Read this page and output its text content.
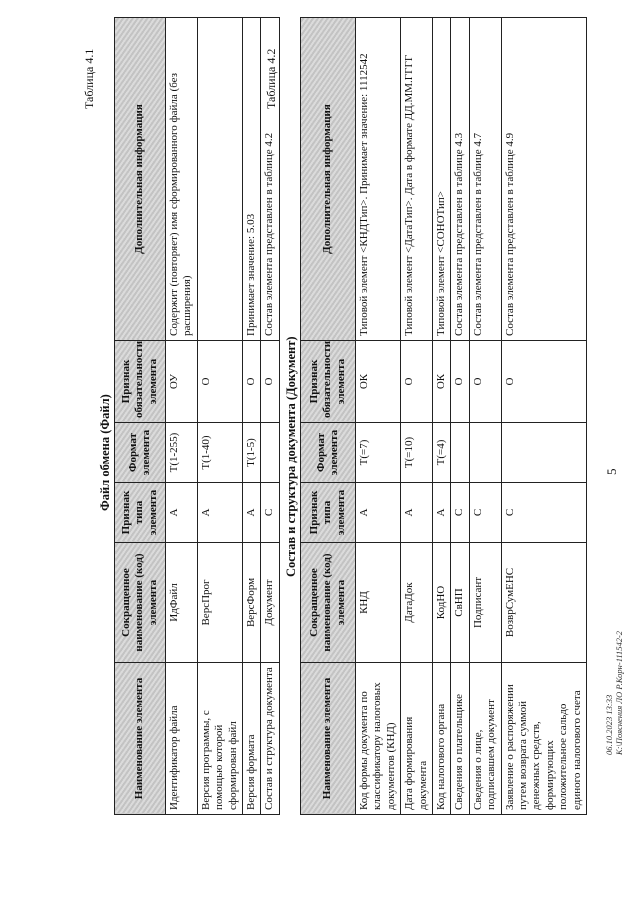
5
Таблица 4.1
Файл обмена (Файл)
Наименование элемента	Сокращенное наименование (код) элемента	Признак типа элемента	Формат элемента	Признак обязательности элемента	Дополнительная информация
Идентификатор файла	ИдФайл	А	T(1-255)	ОУ	Содержит (повторяет) имя сформированного файла (без расширения)
Версия программы, с помощью которой сформирован файл	ВерсПрог	А	T(1-40)	О	
Версия формата	ВерсФорм	А	T(1-5)	О	Принимает значение: 5.03
Состав и структура документа	Документ	С		О	Состав элемента представлен в таблице 4.2
Таблица 4.2
Состав и структура документа (Документ)
Наименование элемента	Сокращенное наименование (код) элемента	Признак типа элемента	Формат элемента	Признак обязательности элемента	Дополнительная информация
Код формы документа по классификатору налоговых документов (КНД)	КНД	А	T(=7)	ОК	Типовой элемент <КНДТип>. Принимает значение: 1112542
Дата формирования документа	ДатаДок	А	T(=10)	О	Типовой элемент <ДатаТип>. Дата в формате ДД.ММ.ГГГГ
Код налогового органа	КодНО	А	T(=4)	ОК	Типовой элемент <СОНОТип>
Сведения о плательщике	СвНП	С		О	Состав элемента представлен в таблице 4.3
Сведения о лице, подписавшем документ	Подписант	С		О	Состав элемента представлен в таблице 4.7
Заявление о распоряжении путем возврата суммой денежных средств, формирующих положительное сальдо единого налогового счета	ВозврСумЕНС	С		О	Состав элемента представлен в таблице 4.9
06.10.2023 13:33 К:\Пояснения ЛО Р.Корн-111542-2
